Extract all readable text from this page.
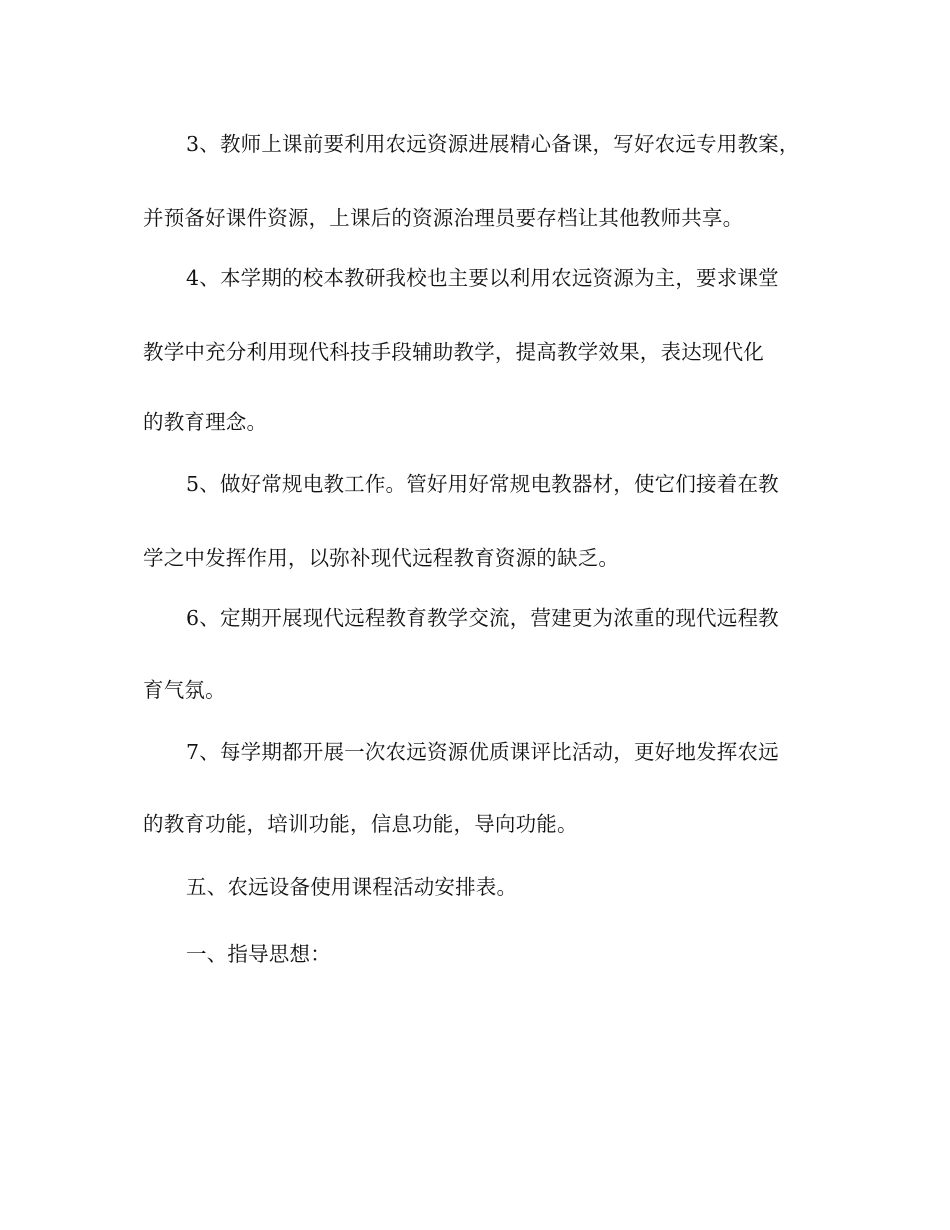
3、教师上课前要利用农远资源进展精心备课，写好农远专用教案，
并预备好课件资源，上课后的资源治理员要存档让其他教师共享。
4、本学期的校本教研我校也主要以利用农远资源为主，要求课堂
教学中充分利用现代科技手段辅助教学，提高教学效果，表达现代化
的教育理念。
5、做好常规电教工作。管好用好常规电教器材，使它们接着在教
学之中发挥作用，以弥补现代远程教育资源的缺乏。
6、定期开展现代远程教育教学交流，营建更为浓重的现代远程教
育气氛。
7、每学期都开展一次农远资源优质课评比活动，更好地发挥农远
的教育功能，培训功能，信息功能，导向功能。
五、农远设备使用课程活动安排表。
一、指导思想：
